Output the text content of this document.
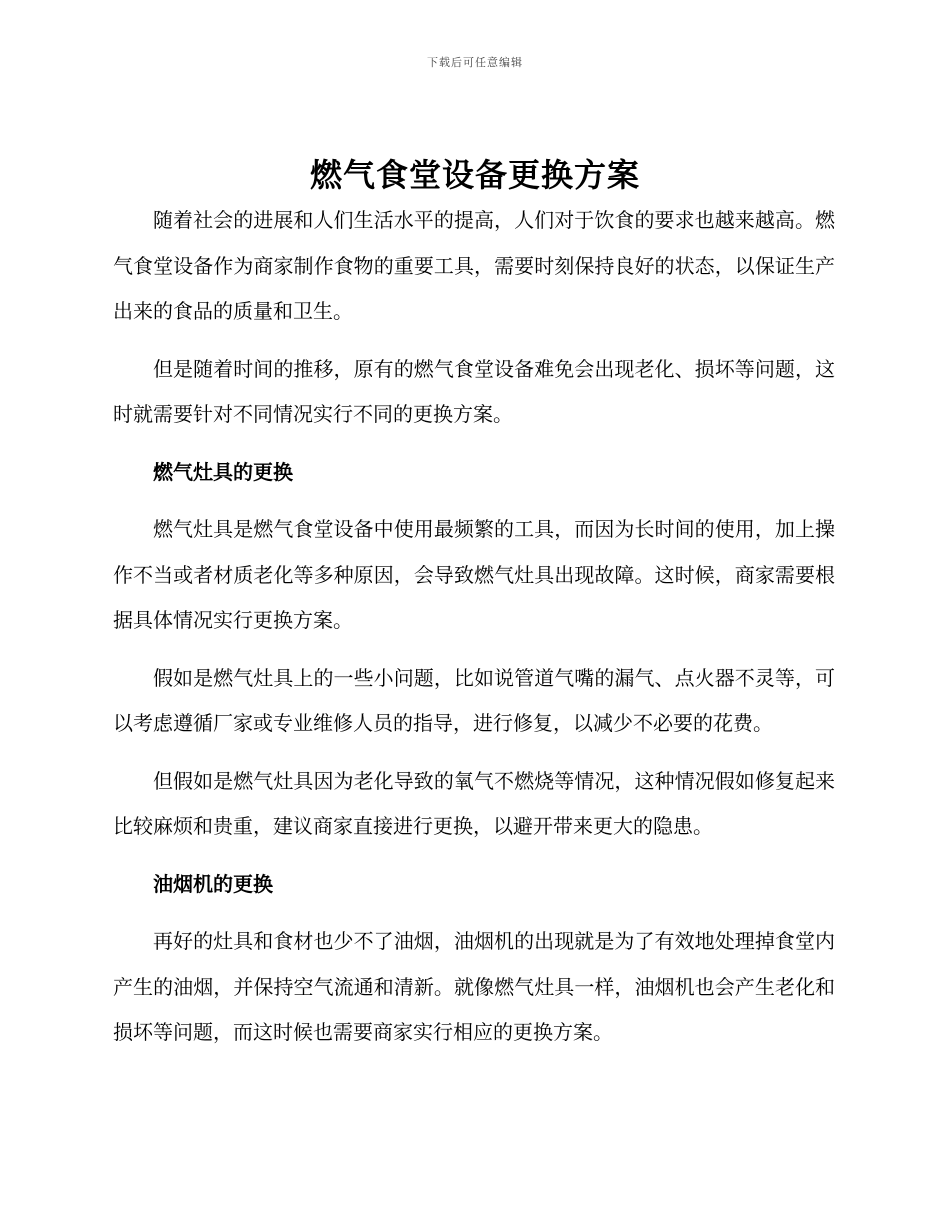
下载后可任意编辑
燃气食堂设备更换方案

随着社会的进展和人们生活水平的提高，人们对于饮食的要求也越来越高。燃气食堂设备作为商家制作食物的重要工具，需要时刻保持良好的状态，以保证生产出来的食品的质量和卫生。

但是随着时间的推移，原有的燃气食堂设备难免会出现老化、损坏等问题，这时就需要针对不同情况实行不同的更换方案。

燃气灶具的更换

燃气灶具是燃气食堂设备中使用最频繁的工具，而因为长时间的使用，加上操作不当或者材质老化等多种原因，会导致燃气灶具出现故障。这时候，商家需要根据具体情况实行更换方案。

假如是燃气灶具上的一些小问题，比如说管道气嘴的漏气、点火器不灵等，可以考虑遵循厂家或专业维修人员的指导，进行修复，以减少不必要的花费。

但假如是燃气灶具因为老化导致的氧气不燃烧等情况，这种情况假如修复起来比较麻烦和贵重，建议商家直接进行更换，以避开带来更大的隐患。

油烟机的更换

再好的灶具和食材也少不了油烟，油烟机的出现就是为了有效地处理掉食堂内产生的油烟，并保持空气流通和清新。就像燃气灶具一样，油烟机也会产生老化和损坏等问题，而这时候也需要商家实行相应的更换方案。
